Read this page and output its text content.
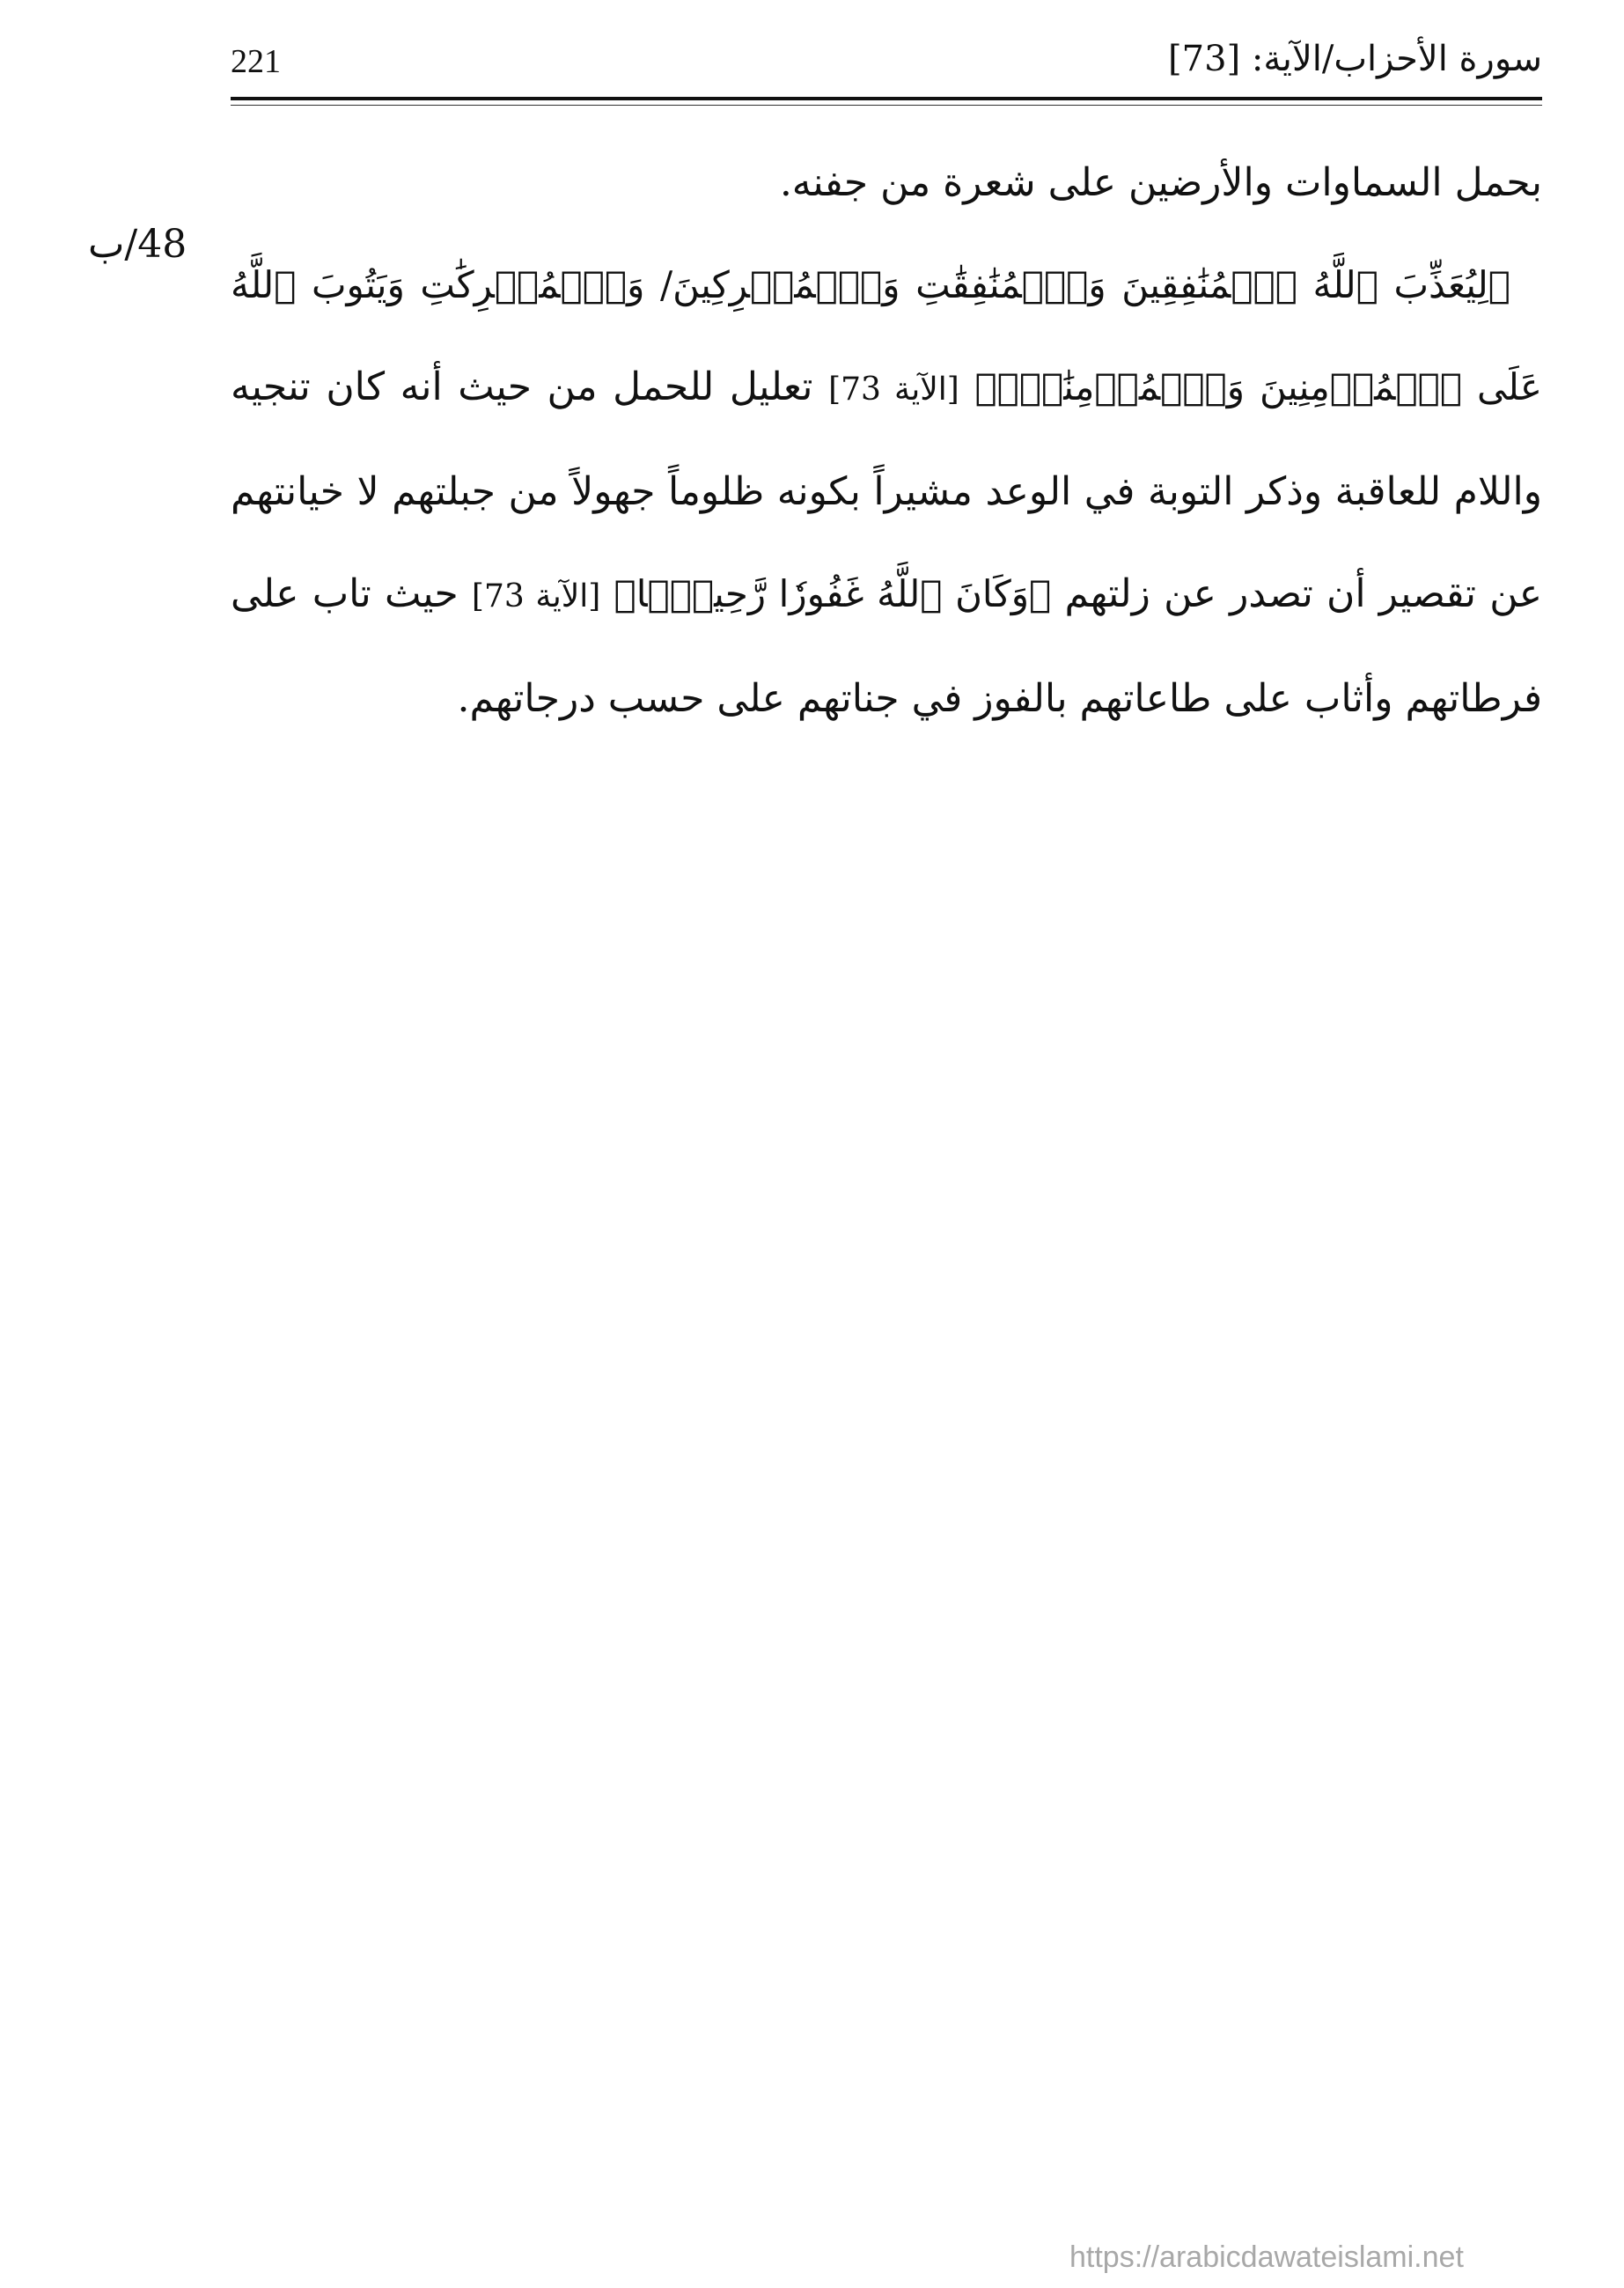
221	سورة الأحزاب/الآية: [73]
48/ب

بحمل السماوات والأرضين على شعرة من جفنه.

﴿لِيُعَذِّبَ ٱللَّهُ ٱلۡمُنَٰفِقِينَ وَٱلۡمُنَٰفِقَٰتِ وَٱلۡمُشۡرِكِينَ/ وَٱلۡمُشۡرِكَٰتِ وَيَتُوبَ ٱللَّهُ عَلَى ٱلۡمُؤۡمِنِينَ وَٱلۡمُؤۡمِنَٰتِۗ﴾ [الآية 73] تعليل للحمل من حيث أنه كان تنجيه واللام للعاقبة وذكر التوبة في الوعد مشيراً بكونه ظلوماً جهولاً من جبلتهم لا خيانتهم عن تقصير أن تصدر عن زلتهم ﴿وَكَانَ ٱللَّهُ غَفُورٗا رَّحِيمَۢا﴾ [الآية 73] حيث تاب على فرطاتهم وأثاب على طاعاتهم بالفوز في جناتهم على حسب درجاتهم.

https://arabicdawateislami.net
